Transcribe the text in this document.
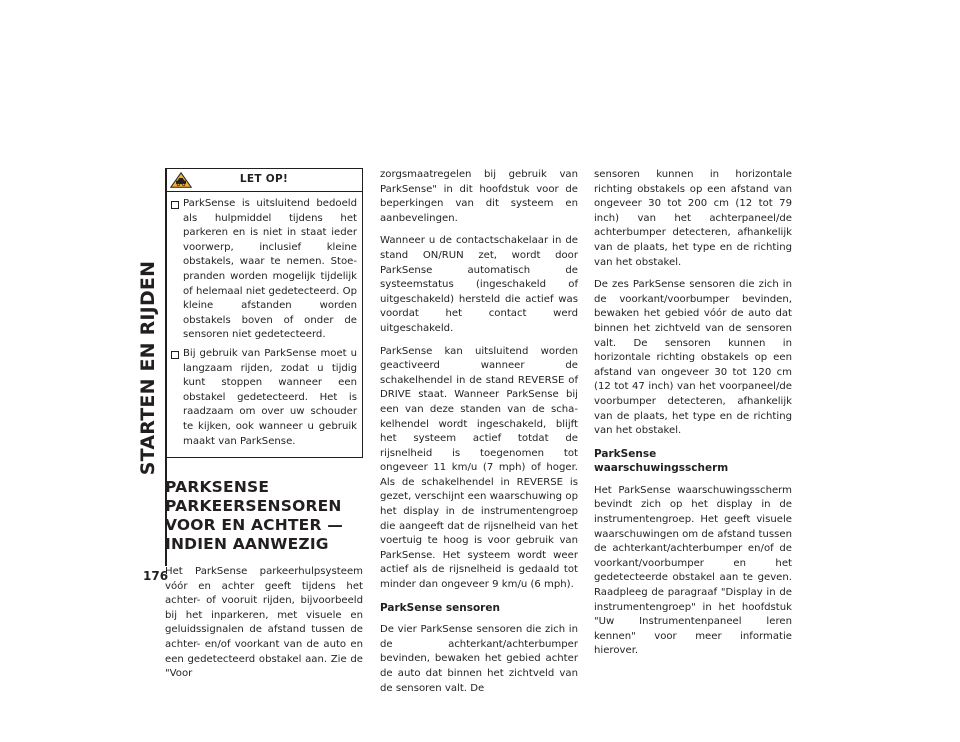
STARTEN EN RIJDEN
176
LET OP!

ParkSense is uitsluitend bedoeld als hulpmiddel tijdens het parkeren en is niet in staat ieder voorwerp, inclusief kleine obstakels, waar te nemen. Stoepranden worden mogelijk tijdelijk of helemaal niet gedetecteerd. Op kleine afstanden worden obstakels boven of onder de sensoren niet gedetecteerd.

Bij gebruik van ParkSense moet u langzaam rijden, zodat u tijdig kunt stoppen wanneer een obstakel gedetecteerd. Het is raadzaam om over uw schouder te kijken, ook wanneer u gebruik maakt van ParkSense.

PARKSENSE PARKEERSENSOREN VOOR EN ACHTER — INDIEN AANWEZIG

Het ParkSense parkeerhulpsysteem vóór en achter geeft tijdens het achter- of vooruit rijden, bijvoorbeeld bij het inparkeren, met visuele en geluidssignalen de afstand tussen de achter- en/of voorkant van de auto en een gedetecteerd obstakel aan. Zie de "Voor

zorgsmaatregelen bij gebruik van ParkSense" in dit hoofdstuk voor de beperkingen van dit systeem en aanbevelingen.

Wanneer u de contactschakelaar in de stand ON/RUN zet, wordt door ParkSense automatisch de systeemstatus (ingeschakeld of uitgeschakeld) hersteld die actief was voordat het contact werd uitgeschakeld.

ParkSense kan uitsluitend worden geactiveerd wanneer de schakelhendel in de stand REVERSE of DRIVE staat. Wanneer ParkSense bij een van deze standen van de schakelhendel wordt ingeschakeld, blijft het systeem actief totdat de rijsnelheid is toegenomen tot ongeveer 11 km/u (7 mph) of hoger. Als de schakelhendel in REVERSE is gezet, verschijnt een waarschuwing op het display in de instrumentengroep die aangeeft dat de rijsnelheid van het voertuig te hoog is voor gebruik van ParkSense. Het systeem wordt weer actief als de rijsnelheid is gedaald tot minder dan ongeveer 9 km/u (6 mph).

ParkSense sensoren

De vier ParkSense sensoren die zich in de achterkant/achterbumper bevinden, bewaken het gebied achter de auto dat binnen het zichtveld van de sensoren valt. De

sensoren kunnen in horizontale richting obstakels op een afstand van ongeveer 30 tot 200 cm (12 tot 79 inch) van het achterpaneel/de achterbumper detecteren, afhankelijk van de plaats, het type en de richting van het obstakel.

De zes ParkSense sensoren die zich in de voorkant/voorbumper bevinden, bewaken het gebied vóór de auto dat binnen het zichtveld van de sensoren valt. De sensoren kunnen in horizontale richting obstakels op een afstand van ongeveer 30 tot 120 cm (12 tot 47 inch) van het voorpaneel/de voorbumper detecteren, afhankelijk van de plaats, het type en de richting van het obstakel.

ParkSense waarschuwingsscherm

Het ParkSense waarschuwingsscherm bevindt zich op het display in de instrumentengroep. Het geeft visuele waarschuwingen om de afstand tussen de achterkant/achterbumper en/of de voorkant/voorbumper en het gedetecteerde obstakel aan te geven. Raadpleeg de paragraaf "Display in de instrumentengroep" in het hoofdstuk "Uw Instrumentenpaneel leren kennen" voor meer informatie hierover.
